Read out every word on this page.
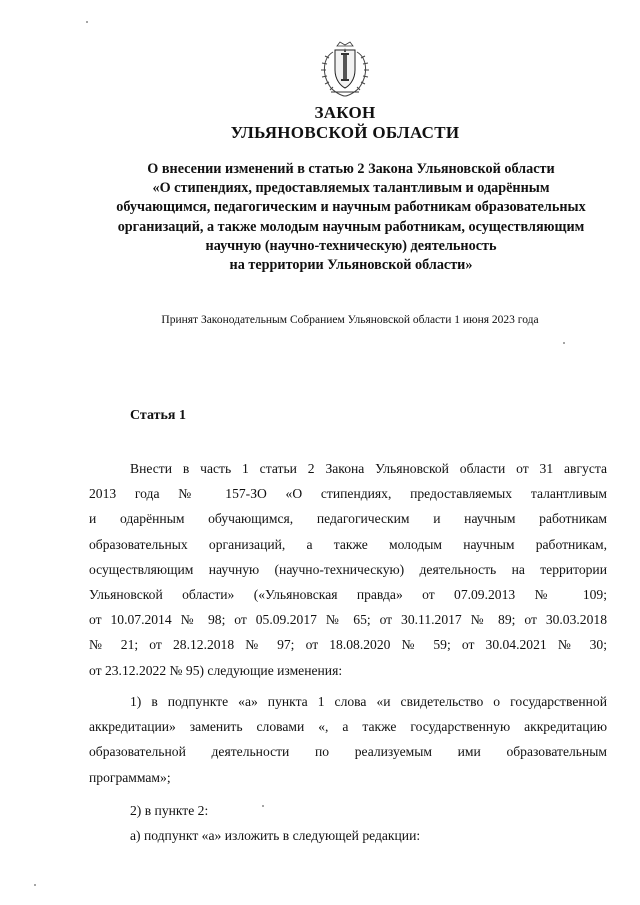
ЗАКОН
УЛЬЯНОВСКОЙ ОБЛАСТИ
О внесении изменений в статью 2 Закона Ульяновской области
«О стипендиях, предоставляемых талантливым и одарённым
обучающимся, педагогическим и научным работникам образовательных
организаций, а также молодым научным работникам, осуществляющим
научную (научно-техническую) деятельность
на территории Ульяновской области»
Принят Законодательным Собранием Ульяновской области 1 июня 2023 года
Статья 1
Внести в часть 1 статьи 2 Закона Ульяновской области от 31 августа
2013 года № 157-ЗО «О стипендиях, предоставляемых талантливым
и одарённым обучающимся, педагогическим и научным работникам
образовательных организаций, а также молодым научным работникам,
осуществляющим научную (научно-техническую) деятельность на территории
Ульяновской области» («Ульяновская правда» от 07.09.2013 № 109;
от 10.07.2014 № 98; от 05.09.2017 № 65; от 30.11.2017 № 89; от 30.03.2018
№ 21; от 28.12.2018 № 97; от 18.08.2020 № 59; от 30.04.2021 № 30;
от 23.12.2022 № 95) следующие изменения:
1) в подпункте «а» пункта 1 слова «и свидетельство о государственной
аккредитации» заменить словами «, а также государственную аккредитацию
образовательной деятельности по реализуемым ими образовательным
программам»;
2) в пункте 2:
а) подпункт «а» изложить в следующей редакции:
